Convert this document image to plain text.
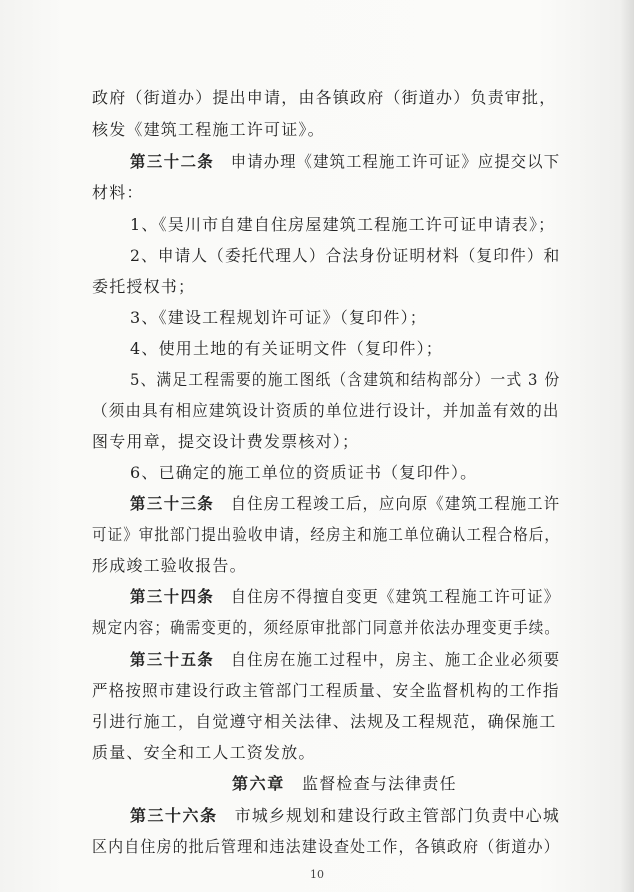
政府（街道办）提出申请，由各镇政府（街道办）负责审批，
核发《建筑工程施工许可证》。
第三十二条　申请办理《建筑工程施工许可证》应提交以下
材料：
1、《吴川市自建自住房屋建筑工程施工许可证申请表》；
2、申请人（委托代理人）合法身份证明材料（复印件）和
委托授权书；
3、《建设工程规划许可证》（复印件）；
4、使用土地的有关证明文件（复印件）；
5、满足工程需要的施工图纸（含建筑和结构部分）一式 3 份
（须由具有相应建筑设计资质的单位进行设计，并加盖有效的出
图专用章，提交设计费发票核对）；
6、已确定的施工单位的资质证书（复印件）。
第三十三条　自住房工程竣工后，应向原《建筑工程施工许
可证》审批部门提出验收申请，经房主和施工单位确认工程合格后，
形成竣工验收报告。
第三十四条　自住房不得擅自变更《建筑工程施工许可证》
规定内容；确需变更的，须经原审批部门同意并依法办理变更手续。
第三十五条　自住房在施工过程中，房主、施工企业必须要
严格按照市建设行政主管部门工程质量、安全监督机构的工作指
引进行施工，自觉遵守相关法律、法规及工程规范，确保施工
质量、安全和工人工资发放。
第六章　监督检查与法律责任
第三十六条　市城乡规划和建设行政主管部门负责中心城
区内自住房的批后管理和违法建设查处工作，各镇政府（街道办）
10
